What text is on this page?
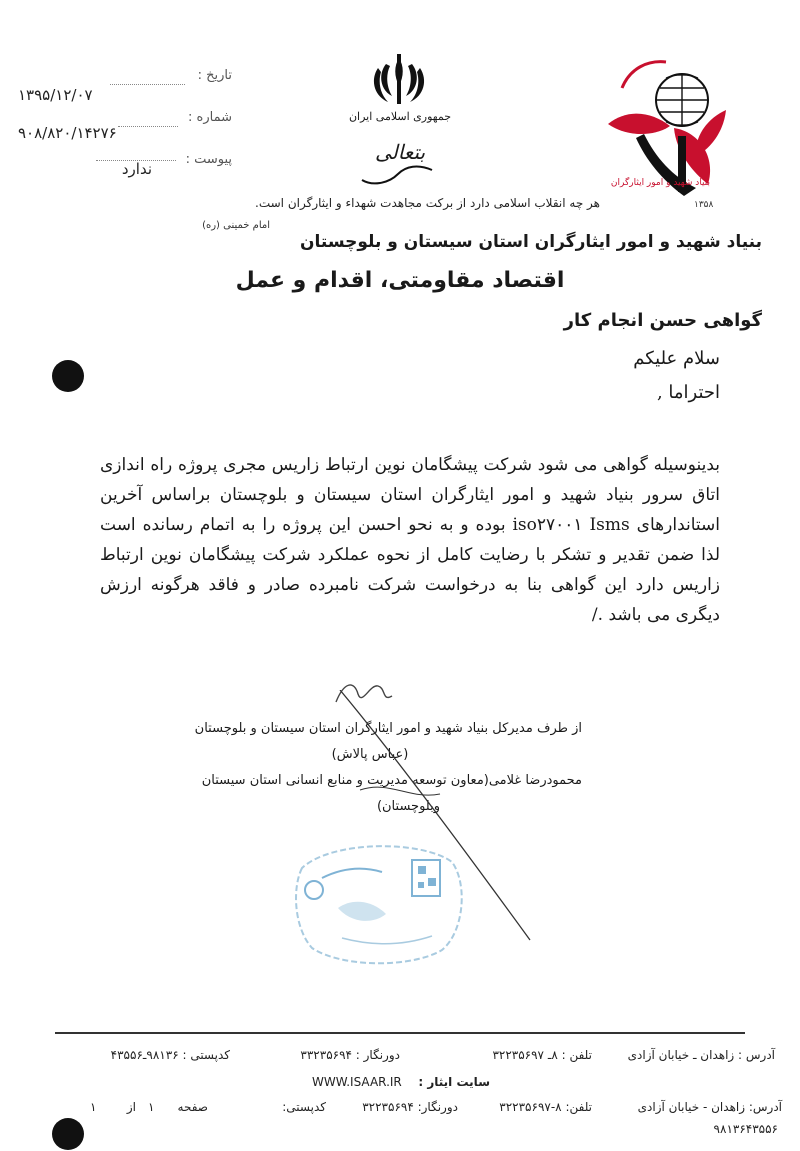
تاریخ :
۱۳۹۵/۱۲/۰۷
شماره :
۹۰۸/۸۲۰/۱۴۲۷۶
پیوست :
ندارد
جمهوری اسلامی ایران
بتعالی
بنیاد شهید و امور ایثارگران
۱۳۵۸
هر چه انقلاب اسلامی دارد از برکت مجاهدت شهداء و ایثارگران است.
امام خمینی (ره)
بنیاد شهید و امور ایثارگران استان سیستان و بلوچستان
اقتصاد مقاومتی، اقدام و عمل
گواهی حسن انجام کار
سلام علیکم
احتراما ,
بدینوسیله گواهی می شود شرکت پیشگامان نوین ارتباط زاریس مجری پروژه راه اندازی اتاق سرور بنیاد شهید و امور ایثارگران استان سیستان و بلوچستان براساس آخرین استاندارهای iso۲۷۰۰۱ Isms بوده و به نحو احسن این پروژه را به اتمام رسانده است لذا ضمن تقدیر و تشکر با رضایت کامل از نحوه عملکرد شرکت پیشگامان نوین ارتباط زاریس دارد این گواهی بنا به درخواست شرکت نامبرده صادر و فاقد هرگونه ارزش دیگری می باشد ./
از طرف مدیرکل بنیاد شهید و امور ایثارگران استان سیستان و بلوچستان
(عباس پالاش)
محمودرضا غلامی(معاون توسعه مدیریت و منابع انسانی استان سیستان
وبلوچستان)
آدرس : زاهدان ـ خیابان آزادی
تلفن : ۸ـ ۳۲۲۳۵۶۹۷
دورنگار : ۳۳۲۳۵۶۹۴
کدپستی : ۹۸۱۳۶ـ۴۳۵۵۶
سایت ایثار :
WWW.ISAAR.IR
آدرس: زاهدان - خیابان آزادی
تلفن: ۸-۳۲۲۳۵۶۹۷
دورنگار: ۳۲۲۳۵۶۹۴
کدپستی:
صفحه
۱
از
۱
۹۸۱۳۶۴۳۵۵۶
